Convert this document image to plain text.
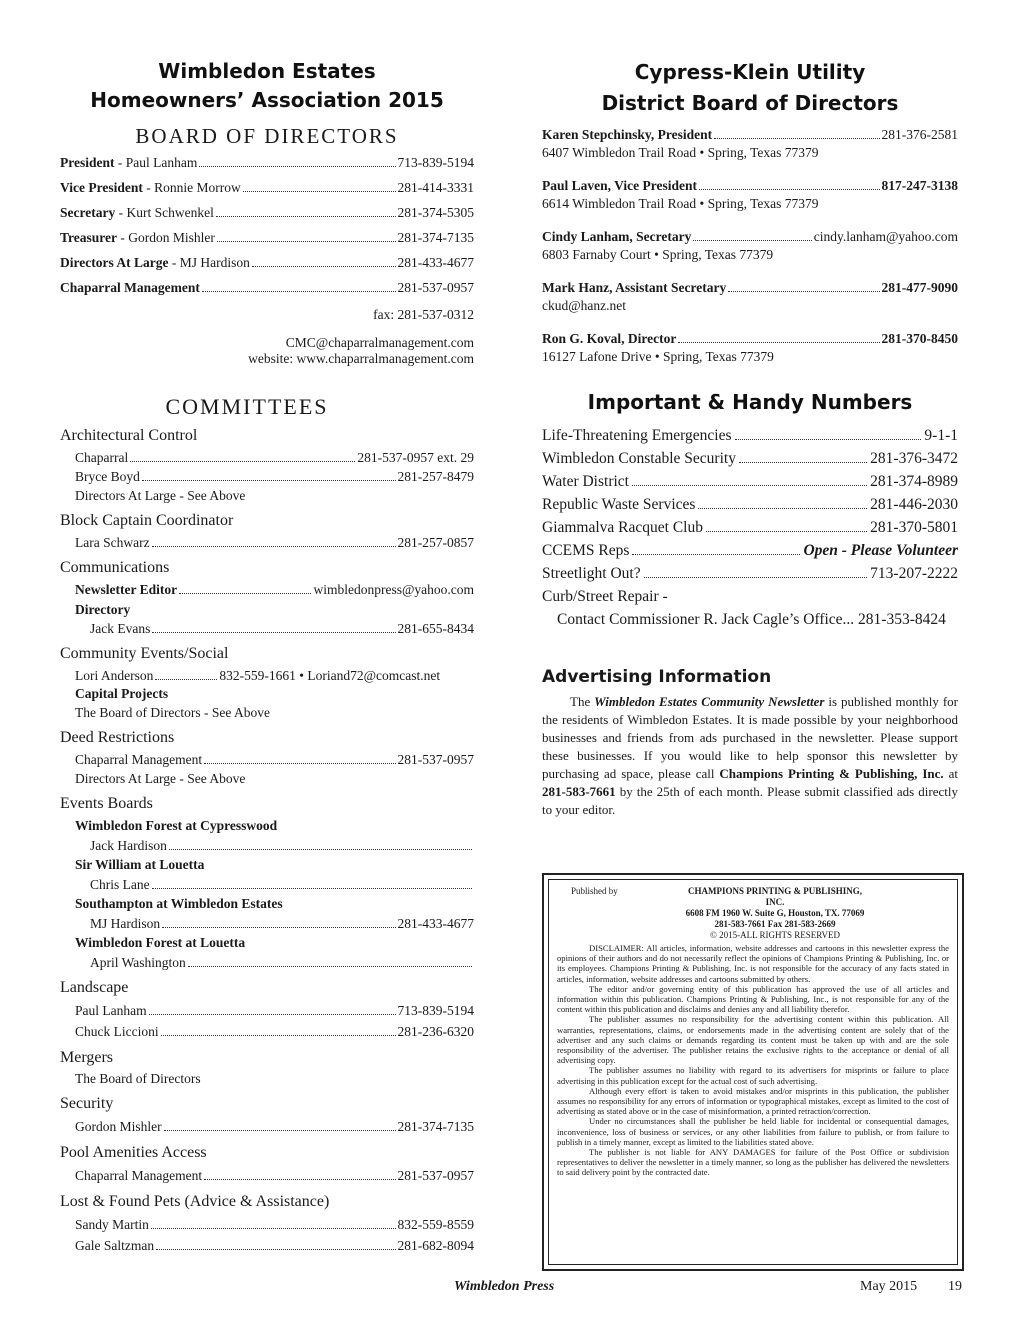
Wimbledon Estates
Homeowners’ Association 2015
BOARD OF DIRECTORS
President - Paul Lanham	713-839-5194
Vice President - Ronnie Morrow	281-414-3331
Secretary - Kurt Schwenkel	281-374-5305
Treasurer - Gordon Mishler	281-374-7135
Directors At Large - MJ Hardison	281-433-4677
Chaparral Management	281-537-0957
fax: 281-537-0312
CMC@chaparralmanagement.com
website: www.chaparralmanagement.com
COMMITTEES
Architectural Control
Chaparral	281-537-0957 ext. 29
Bryce Boyd	281-257-8479
Directors At Large - See Above
Block Captain Coordinator
Lara Schwarz	281-257-0857
Communications
Newsletter Editor	wimbledonpress@yahoo.com
Directory
Jack Evans	281-655-8434
Community Events/Social
Lori Anderson	832-559-1661 • Loriand72@comcast.net
Capital Projects
The Board of Directors - See Above
Deed Restrictions
Chaparral Management	281-537-0957
Directors At Large - See Above
Events Boards
Wimbledon Forest at Cypresswood
Jack Hardison
Sir William at Louetta
Chris Lane
Southampton at Wimbledon Estates
MJ Hardison	281-433-4677
Wimbledon Forest at Louetta
April Washington
Landscape
Paul Lanham	713-839-5194
Chuck Liccioni	281-236-6320
Mergers
The Board of Directors
Security
Gordon Mishler	281-374-7135
Pool Amenities Access
Chaparral Management	281-537-0957
Lost & Found Pets (Advice & Assistance)
Sandy Martin	832-559-8559
Gale Saltzman	281-682-8094
Cypress-Klein Utility
District Board of Directors
Karen Stepchinsky, President	281-376-2581
6407 Wimbledon Trail Road • Spring, Texas 77379
Paul Laven, Vice President	817-247-3138
6614 Wimbledon Trail Road • Spring, Texas 77379
Cindy Lanham, Secretary	cindy.lanham@yahoo.com
6803 Farnaby Court • Spring, Texas 77379
Mark Hanz, Assistant Secretary	281-477-9090
ckud@hanz.net
Ron G. Koval, Director	281-370-8450
16127 Lafone Drive • Spring, Texas 77379
Important & Handy Numbers
Life-Threatening Emergencies	9-1-1
Wimbledon Constable Security	281-376-3472
Water District	281-374-8989
Republic Waste Services	281-446-2030
Giammalva Racquet Club	281-370-5801
CCEMS Reps	Open - Please Volunteer
Streetlight Out?	713-207-2222
Curb/Street Repair -
Contact Commissioner R. Jack Cagle’s Office... 281-353-8424
Advertising Information
The Wimbledon Estates Community Newsletter is published monthly for the residents of Wimbledon Estates. It is made possible by your neighborhood businesses and friends from ads purchased in the newsletter. Please support these businesses. If you would like to help sponsor this newsletter by purchasing ad space, please call Champions Printing & Publishing, Inc. at 281-583-7661 by the 25th of each month. Please submit classified ads directly to your editor.
Published by	CHAMPIONS PRINTING & PUBLISHING, INC.
6608 FM 1960 W. Suite G, Houston, TX. 77069
281-583-7661 Fax 281-583-2669
© 2015-ALL RIGHTS RESERVED
DISCLAIMER: All articles, information, website addresses and cartoons in this newsletter express the opinions of their authors and do not necessarily reflect the opinions of Champions Printing & Publishing, Inc. or its employees. Champions Printing & Publishing, Inc. is not responsible for the accuracy of any facts stated in articles, information, website addresses and cartoons submitted by others.
The editor and/or governing entity of this publication has approved the use of all articles and information within this publication. Champions Printing & Publishing, Inc., is not responsible for any of the content within this publication and disclaims and denies any and all liability therefor.
The publisher assumes no responsibility for the advertising content within this publication. All warranties, representations, claims, or endorsements made in the advertising content are solely that of the advertiser and any such claims or demands regarding its content must be taken up with and are the sole responsibility of the advertiser. The publisher retains the exclusive rights to the acceptance or denial of all advertising copy.
The publisher assumes no liability with regard to its advertisers for misprints or failure to place advertising in this publication except for the actual cost of such advertising.
Although every effort is taken to avoid mistakes and/or misprints in this publication, the publisher assumes no responsibility for any errors of information or typographical mistakes, except as limited to the cost of advertising as stated above or in the case of misinformation, a printed retraction/correction.
Under no circumstances shall the publisher be held liable for incidental or consequential damages, inconvenience, loss of business or services, or any other liabilities from failure to publish, or from failure to publish in a timely manner, except as limited to the liabilities stated above.
The publisher is not liable for ANY DAMAGES for failure of the Post Office or subdivision representatives to deliver the newsletter in a timely manner, so long as the publisher has delivered the newsletters to said delivery point by the contracted date.
Wimbledon Press	May 2015 19
